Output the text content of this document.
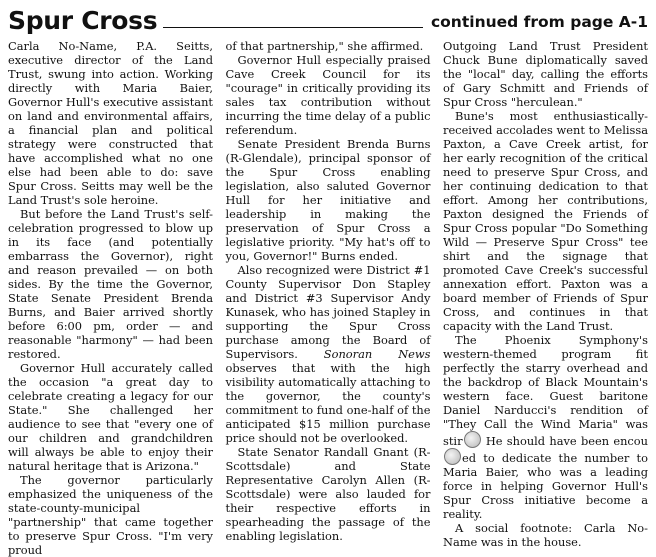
Spur Cross	continued from page A-1

Carla No-Name, P.A. Seitts, executive director of the Land Trust, swung into action. Working directly with Maria Baier, Governor Hull's executive assistant on land and environmental affairs, a financial plan and political strategy were constructed that have accomplished what no one else had been able to do: save Spur Cross. Seitts may well be the Land Trust's sole heroine.

But before the Land Trust's self-celebration progressed to blow up in its face (and potentially embarrass the Governor), right and reason prevailed — on both sides. By the time the Governor, State Senate President Brenda Burns, and Baier arrived shortly before 6:00 pm, order — and reasonable "harmony" — had been restored.

Governor Hull accurately called the occasion "a great day to celebrate creating a legacy for our State." She challenged her audience to see that "every one of our children and grandchildren will always be able to enjoy their natural heritage that is Arizona."

The governor particularly emphasized the uniqueness of the state-county-municipal "partnership" that came together to preserve Spur Cross. "I'm very proud

of that partnership," she affirmed.

Governor Hull especially praised Cave Creek Council for its "courage" in critically providing its sales tax contribution without incurring the time delay of a public referendum.

Senate President Brenda Burns (R-Glendale), principal sponsor of the Spur Cross enabling legislation, also saluted Governor Hull for her initiative and leadership in making the preservation of Spur Cross a legislative priority. "My hat's off to you, Governor!" Burns ended.

Also recognized were District #1 County Supervisor Don Stapley and District #3 Supervisor Andy Kunasek, who has joined Stapley in supporting the Spur Cross purchase among the Board of Supervisors. Sonoran News observes that with the high visibility automatically attaching to the governor, the county's commitment to fund one-half of the anticipated $15 million purchase price should not be overlooked.

State Senator Randall Gnant (R-Scottsdale) and State Representative Carolyn Allen (R-Scottsdale) were also lauded for their respective efforts in spearheading the passage of the enabling legislation.

Outgoing Land Trust President Chuck Bune diplomatically saved the "local" day, calling the efforts of Gary Schmitt and Friends of Spur Cross "herculean."

Bune's most enthusiastically-received accolades went to Melissa Paxton, a Cave Creek artist, for her early recognition of the critical need to preserve Spur Cross, and her continuing dedication to that effort. Among her contributions, Paxton designed the Friends of Spur Cross popular "Do Something Wild — Preserve Spur Cross" tee shirt and the signage that promoted Cave Creek's successful annexation effort. Paxton was a board member of Friends of Spur Cross, and continues in that capacity with the Land Trust.

The Phoenix Symphony's western-themed program fit perfectly the starry overhead and the backdrop of Black Mountain's western face. Guest baritone Daniel Narducci's rendition of "They Call the Wind Maria" was stir He should have been encoued to dedicate the number to Maria Baier, who was a leading force in helping Governor Hull's Spur Cross initiative become a reality.

A social footnote: Carla No-Name was in the house.
